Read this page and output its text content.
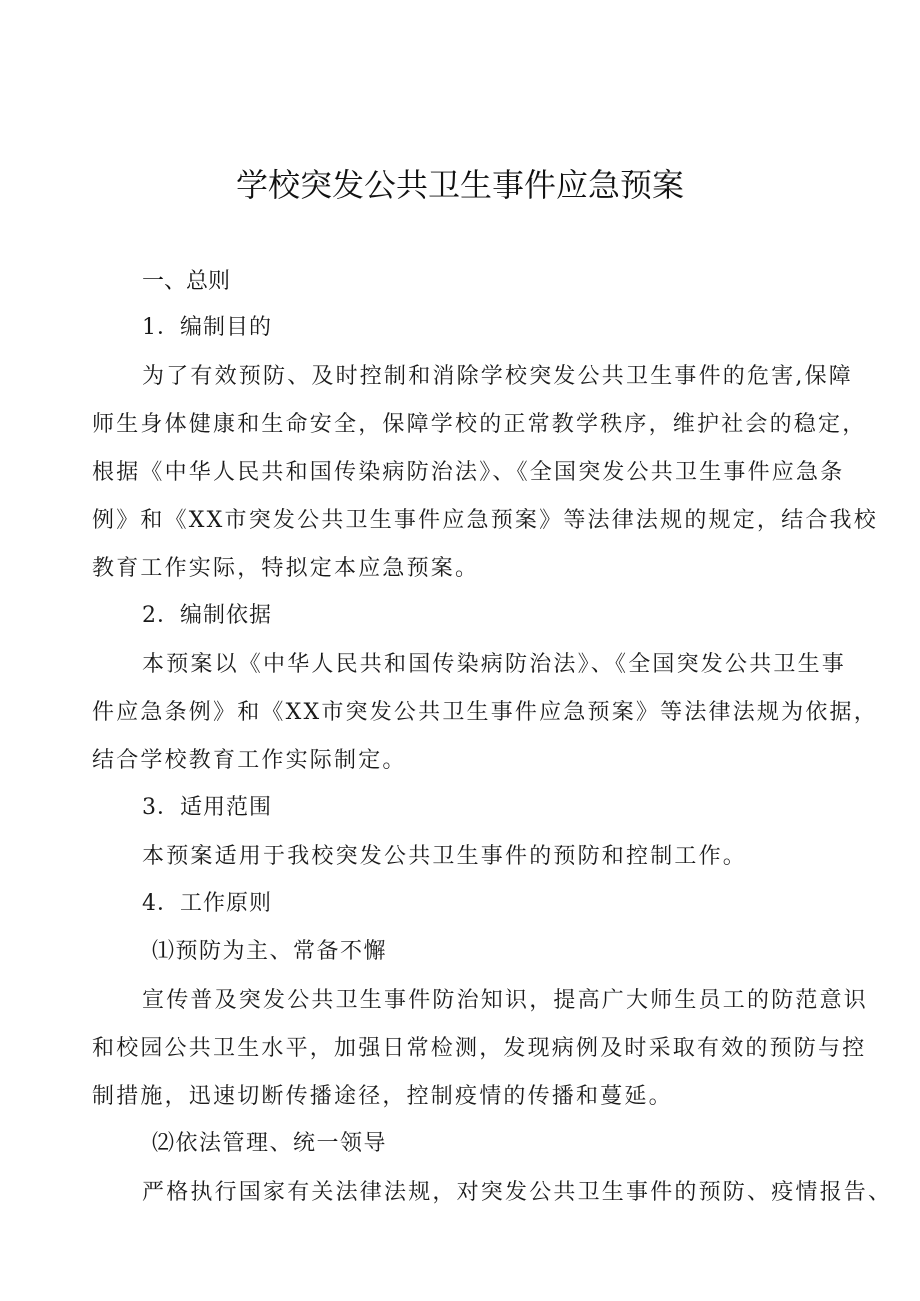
学校突发公共卫生事件应急预案
一、总则
1．编制目的
为了有效预防、及时控制和消除学校突发公共卫生事件的危害,保障
师生身体健康和生命安全，保障学校的正常教学秩序，维护社会的稳定，
根据《中华人民共和国传染病防治法》、《全国突发公共卫生事件应急条
例》和《XX市突发公共卫生事件应急预案》等法律法规的规定，结合我校
教育工作实际，特拟定本应急预案。
2．编制依据
本预案以《中华人民共和国传染病防治法》、《全国突发公共卫生事
件应急条例》和《XX市突发公共卫生事件应急预案》等法律法规为依据，
结合学校教育工作实际制定。
3．适用范围
本预案适用于我校突发公共卫生事件的预防和控制工作。
4．工作原则
⑴预防为主、常备不懈
宣传普及突发公共卫生事件防治知识，提高广大师生员工的防范意识
和校园公共卫生水平，加强日常检测，发现病例及时采取有效的预防与控
制措施，迅速切断传播途径，控制疫情的传播和蔓延。
⑵依法管理、统一领导
严格执行国家有关法律法规，对突发公共卫生事件的预防、疫情报告、
